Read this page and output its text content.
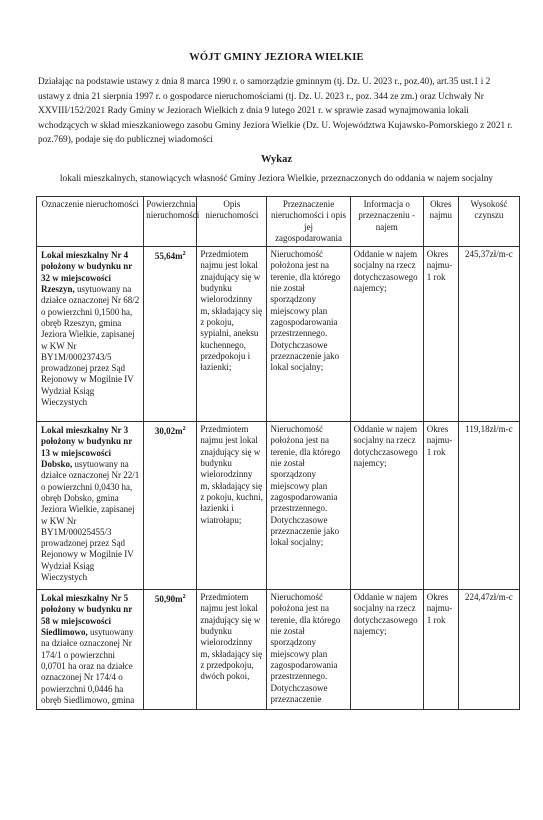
WÓJT GMINY JEZIORA WIELKIE
Działając na podstawie ustawy z dnia 8 marca 1990 r. o samorządzie gminnym (tj. Dz. U. 2023 r., poz.40), art.35 ust.1 i 2 ustawy z dnia 21 sierpnia 1997 r. o gospodarce nieruchomościami (tj. Dz. U. 2023 r., poz. 344 ze zm.) oraz Uchwały Nr XXVIII/152/2021 Rady Gminy w Jeziorach Wielkich z dnia 9 lutego 2021 r. w sprawie zasad wynajmowania lokali wchodzących w skład mieszkaniowego zasobu Gminy Jeziora Wielkie (Dz. U. Województwa Kujawsko-Pomorskiego z 2021 r. poz.769), podaje się do publicznej wiadomości
Wykaz
lokali mieszkalnych, stanowiących własność Gminy Jeziora Wielkie, przeznaczonych do oddania w najem socjalny
Oznaczenie nieruchomości	Powierzchnia nieruchomości	Opis nieruchomości	Przeznaczenie nieruchomości i opis jej zagospodarowania	Informacja o przeznaczeniu - najem	Okres najmu	Wysokość czynszu
Lokal mieszkalny Nr 4 położony w budynku nr 32 w miejscowości Rzeszyn, usytuowany na działce oznaczonej Nr 68/2 o powierzchni 0,1500 ha, obręb Rzeszyn, gmina Jeziora Wielkie, zapisanej w KW Nr BY1M/00023743/5 prowadzonej przez Sąd Rejonowy w Mogilnie IV Wydział Ksiąg Wieczystych	$55,64m^2$	Przedmiotem najmu jest lokal znajdujący się w budynku wielorodzinny m, składający się z pokoju, sypialni, aneksu kuchennego, przedpokoju i łazienki;	Nieruchomość położona jest na terenie, dla którego nie został sporządzony miejscowy plan zagospodarowania przestrzennego. Dotychczasowe przeznaczenie jako lokal socjalny;	Oddanie w najem socjalny na rzecz dotychczasowego najemcy;	Okres najmu-1 rok	245,37zł/m-c
Lokal mieszkalny Nr 3 położony w budynku nr 13 w miejscowości Dobsko, usytuowany na działce oznaczonej Nr 22/1 o powierzchni 0,0430 ha, obręb Dobsko, gmina Jeziora Wielkie, zapisanej w KW Nr BY1M/00025455/3 prowadzonej przez Sąd Rejonowy w Mogilnie IV Wydział Ksiąg Wieczystych	$30,02m^2$	Przedmiotem najmu jest lokal znajdujący się w budynku wielorodzinny m, składający się z pokoju, kuchni, łazienki i wiatrołapu;	Nieruchomość położona jest na terenie, dla którego nie został sporządzony miejscowy plan zagospodarowania przestrzennego. Dotychczasowe przeznaczenie jako lokal socjalny;	Oddanie w najem socjalny na rzecz dotychczasowego najemcy;	Okres najmu-1 rok	119,18zł/m-c
Lokal mieszkalny Nr 5 położony w budynku nr 58 w miejscowości Siedlimowo, usytuowany na działce oznaczonej Nr 174/1 o powierzchni 0,0701 ha oraz na działce oznaczonej Nr 174/4 o powierzchni 0,0446 ha obręb Siedlimowo, gmina	$50,90m^2$	Przedmiotem najmu jest lokal znajdujący się w budynku wielorodzinny m, składający się z przedpokoju, dwóch pokoi,	Nieruchomość położona jest na terenie, dla którego nie został sporządzony miejscowy plan zagospodarowania przestrzennego. Dotychczasowe przeznaczenie	Oddanie w najem socjalny na rzecz dotychczasowego najemcy;	Okres najmu-1 rok	224,47zł/m-c
